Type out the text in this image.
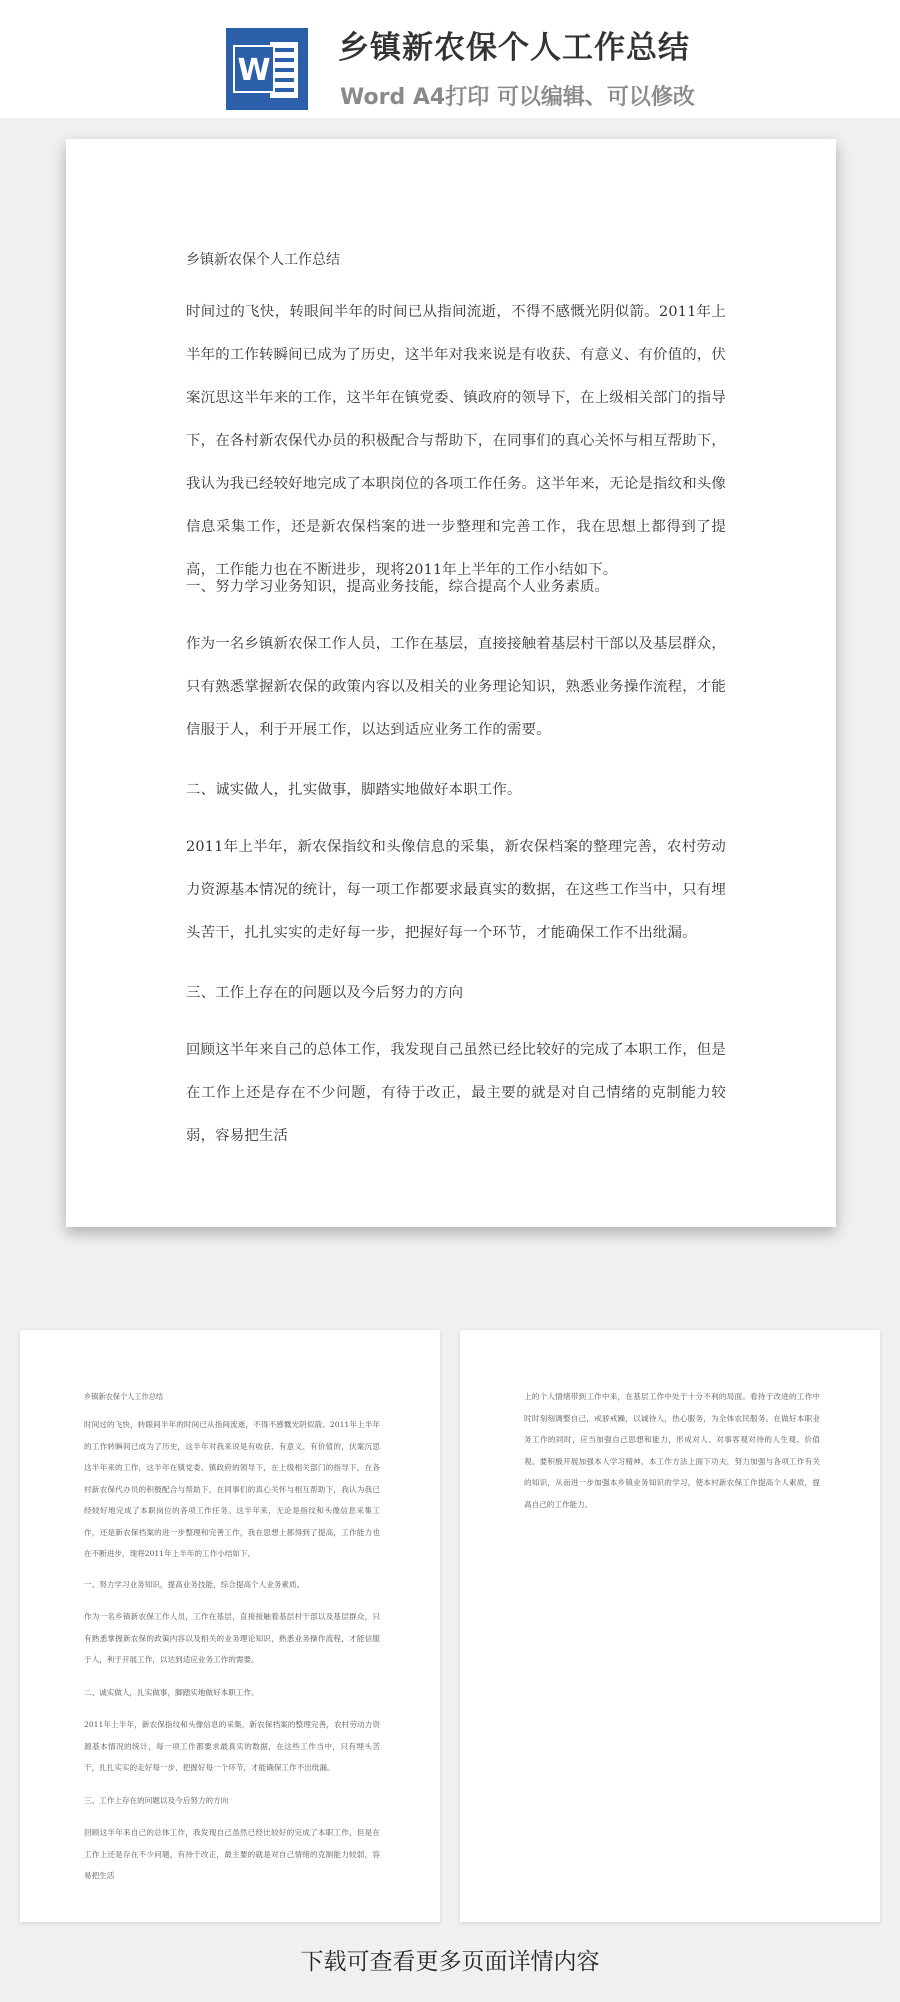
W
乡镇新农保个人工作总结
Word A4打印 可以编辑、可以修改
乡镇新农保个人工作总结
时间过的飞快，转眼间半年的时间已从指间流逝，不得不感慨光阴似箭。2011年上半年的工作转瞬间已成为了历史，这半年对我来说是有收获、有意义、有价值的，伏案沉思这半年来的工作，这半年在镇党委、镇政府的领导下，在上级相关部门的指导下，在各村新农保代办员的积极配合与帮助下，在同事们的真心关怀与相互帮助下，我认为我已经较好地完成了本职岗位的各项工作任务。这半年来，无论是指纹和头像信息采集工作，还是新农保档案的进一步整理和完善工作，我在思想上都得到了提高，工作能力也在不断进步，现将2011年上半年的工作小结如下。
一、努力学习业务知识，提高业务技能，综合提高个人业务素质。
作为一名乡镇新农保工作人员，工作在基层，直接接触着基层村干部以及基层群众，只有熟悉掌握新农保的政策内容以及相关的业务理论知识，熟悉业务操作流程，才能信服于人，利于开展工作，以达到适应业务工作的需要。
二、诚实做人，扎实做事，脚踏实地做好本职工作。
2011年上半年，新农保指纹和头像信息的采集，新农保档案的整理完善，农村劳动力资源基本情况的统计，每一项工作都要求最真实的数据，在这些工作当中，只有埋头苦干，扎扎实实的走好每一步，把握好每一个环节，才能确保工作不出纰漏。
三、工作上存在的问题以及今后努力的方向
回顾这半年来自己的总体工作，我发现自己虽然已经比较好的完成了本职工作，但是在工作上还是存在不少问题，有待于改正，最主要的就是对自己情绪的克制能力较弱，容易把生活
乡镇新农保个人工作总结
时间过的飞快，转眼间半年的时间已从指间流逝，不得不感慨光阴似箭。2011年上半年的工作转瞬间已成为了历史，这半年对我来说是有收获、有意义、有价值的，伏案沉思这半年来的工作，这半年在镇党委、镇政府的领导下，在上级相关部门的指导下，在各村新农保代办员的积极配合与帮助下，在同事们的真心关怀与相互帮助下，我认为我已经较好地完成了本职岗位的各项工作任务。这半年来，无论是指纹和头像信息采集工作，还是新农保档案的进一步整理和完善工作，我在思想上都得到了提高，工作能力也在不断进步，现将2011年上半年的工作小结如下。
一、努力学习业务知识，提高业务技能，综合提高个人业务素质。
作为一名乡镇新农保工作人员，工作在基层，直接接触着基层村干部以及基层群众，只有熟悉掌握新农保的政策内容以及相关的业务理论知识，熟悉业务操作流程，才能信服于人，利于开展工作，以达到适应业务工作的需要。
二、诚实做人，扎实做事，脚踏实地做好本职工作。
2011年上半年，新农保指纹和头像信息的采集，新农保档案的整理完善，农村劳动力资源基本情况的统计，每一项工作都要求最真实的数据，在这些工作当中，只有埋头苦干，扎扎实实的走好每一步，把握好每一个环节，才能确保工作不出纰漏。
三、工作上存在的问题以及今后努力的方向
回顾这半年来自己的总体工作，我发现自己虽然已经比较好的完成了本职工作，但是在工作上还是存在不少问题，有待于改正，最主要的就是对自己情绪的克制能力较弱，容易把生活
上的个人情绪带到工作中来，在基层工作中处于十分不利的局面。看待于改进的工作中时时刻刻调整自己，戒骄戒躁，以诚待人，热心服务，为全体农民服务。在做好本职业务工作的同时，应当加强自己思想和能力，形成对人、对事客观对待的人生观、价值观。要积极开展加强本人学习精神、本工作方法上面下功夫，努力加强与各项工作有关的知识，从而进一步加强本乡镇业务知识的学习，使本村新农保工作提高个人素质，提高自己的工作能力。
下载可查看更多页面详情内容
